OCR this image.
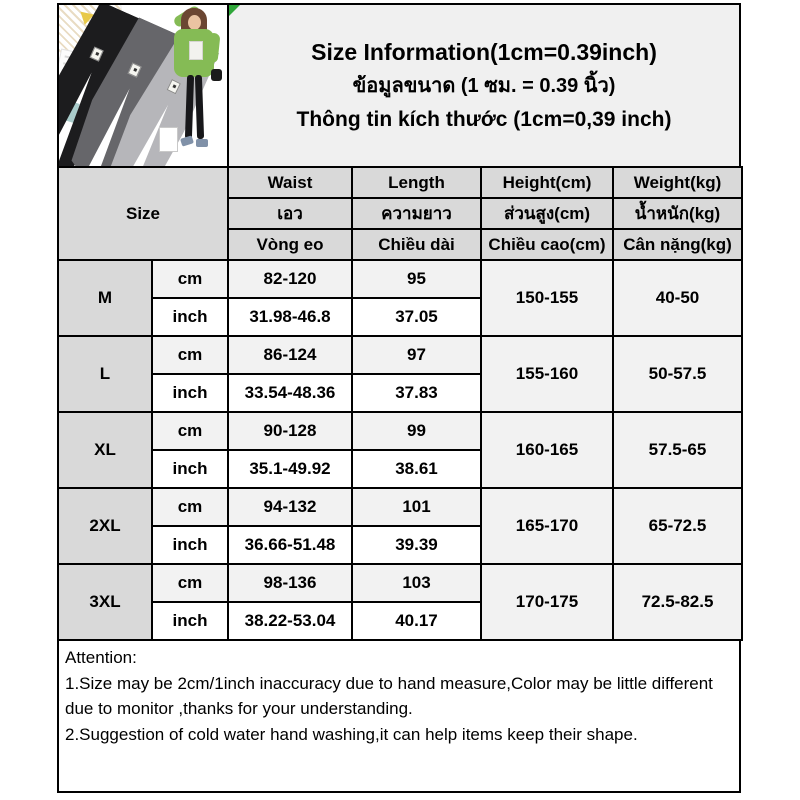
Size Information(1cm=0.39inch)
ข้อมูลขนาด (1 ซม. = 0.39 นิ้ว)
Thông tin kích thước (1cm=0,39 inch)
Size		Waist	Length	Height(cm)	Weight(kg)
		เอว	ความยาว	ส่วนสูง(cm)	น้ำหนัก(kg)
		Vòng eo	Chiều dài	Chiều cao(cm)	Cân nặng(kg)
M	cm	82-120	95	150-155	40-50
	inch	31.98-46.8	37.05		
L	cm	86-124	97	155-160	50-57.5
	inch	33.54-48.36	37.83		
XL	cm	90-128	99	160-165	57.5-65
	inch	35.1-49.92	38.61		
2XL	cm	94-132	101	165-170	65-72.5
	inch	36.66-51.48	39.39		
3XL	cm	98-136	103	170-175	72.5-82.5
	inch	38.22-53.04	40.17		
Attention:
1.Size may be 2cm/1inch inaccuracy due to hand measure,Color may be little different due to monitor ,thanks for your understanding.
2.Suggestion of cold water hand washing,it can help items keep their shape.
